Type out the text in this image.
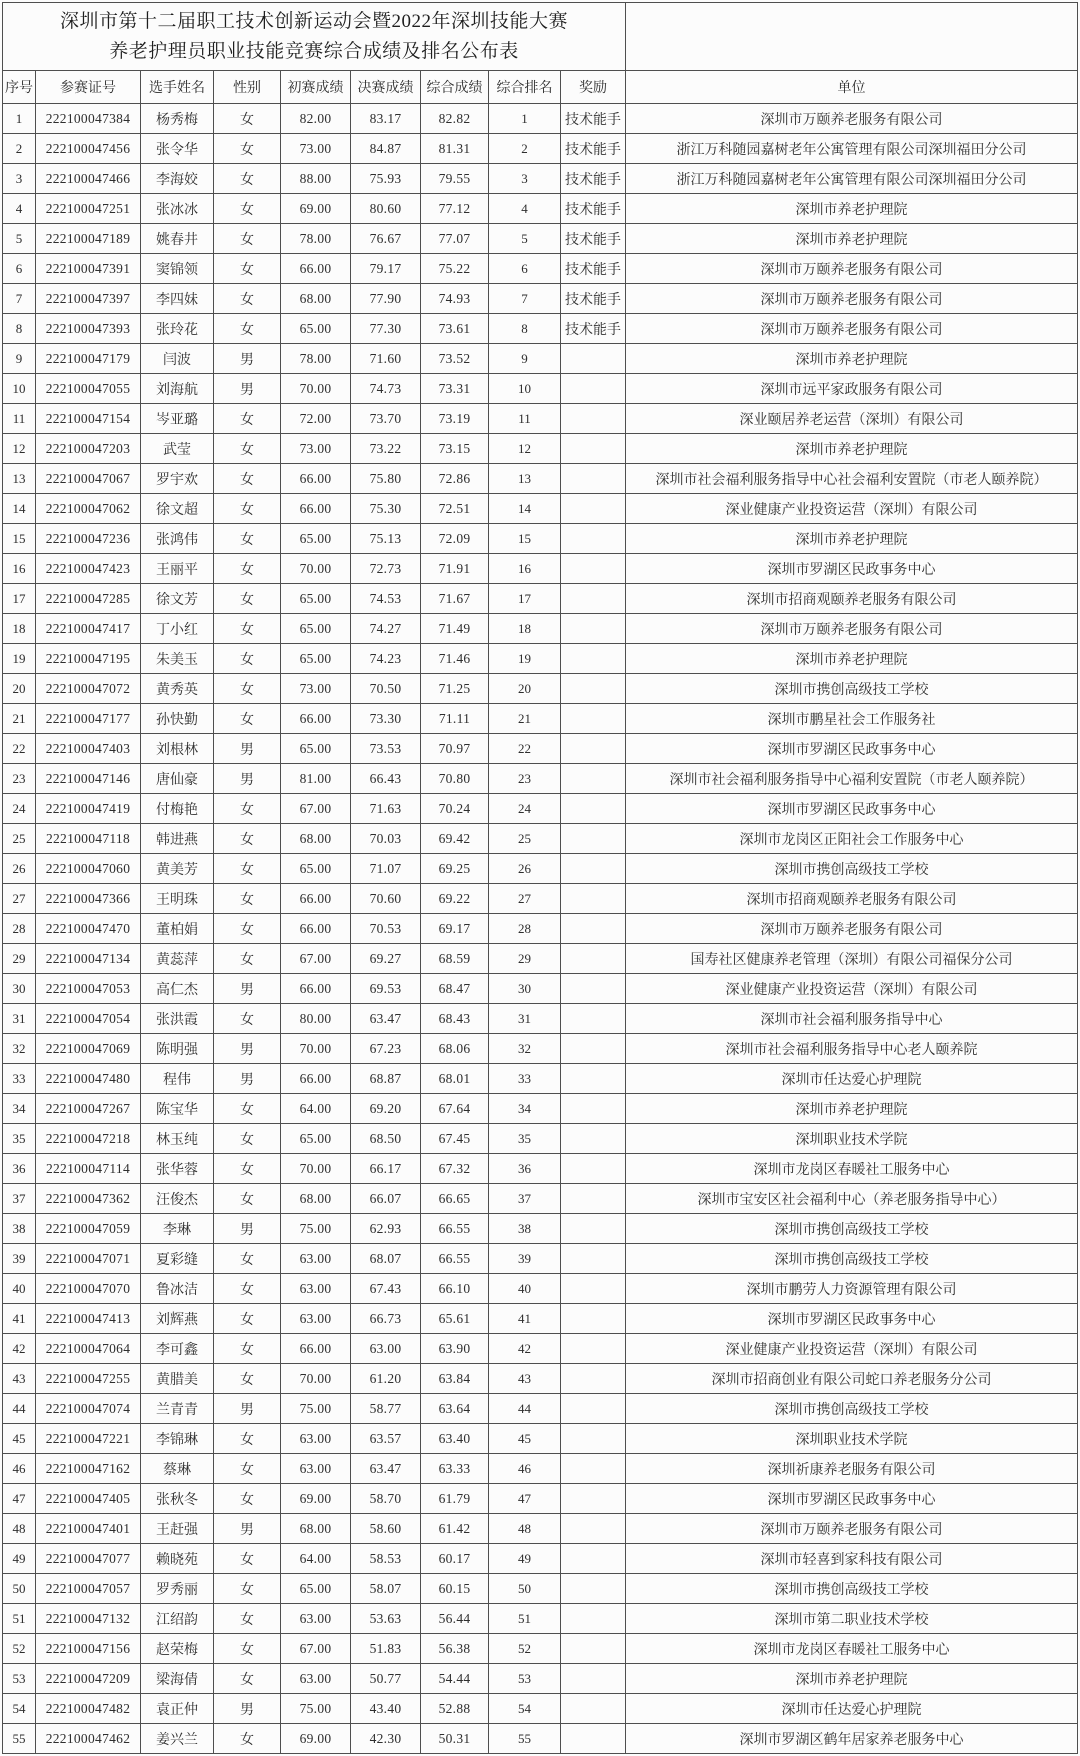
深圳市第十二届职工技术创新运动会暨2022年深圳技能大赛
养老护理员职业技能竞赛综合成绩及排名公布表									

序号	参赛证号	选手姓名	性别	初赛成绩	决赛成绩	综合成绩	综合排名	奖励	单位
1	222100047384	杨秀梅	女	82.00	83.17	82.82	1	技术能手	深圳市万颐养老服务有限公司
2	222100047456	张令华	女	73.00	84.87	81.31	2	技术能手	浙江万科随园嘉树老年公寓管理有限公司深圳福田分公司
3	222100047466	李海姣	女	88.00	75.93	79.55	3	技术能手	浙江万科随园嘉树老年公寓管理有限公司深圳福田分公司
4	222100047251	张冰冰	女	69.00	80.60	77.12	4	技术能手	深圳市养老护理院
5	222100047189	姚春井	女	78.00	76.67	77.07	5	技术能手	深圳市养老护理院
6	222100047391	窦锦领	女	66.00	79.17	75.22	6	技术能手	深圳市万颐养老服务有限公司
7	222100047397	李四妹	女	68.00	77.90	74.93	7	技术能手	深圳市万颐养老服务有限公司
8	222100047393	张玲花	女	65.00	77.30	73.61	8	技术能手	深圳市万颐养老服务有限公司
9	222100047179	闫波	男	78.00	71.60	73.52	9		深圳市养老护理院
10	222100047055	刘海航	男	70.00	74.73	73.31	10		深圳市远平家政服务有限公司
11	222100047154	岑亚璐	女	72.00	73.70	73.19	11		深业颐居养老运营（深圳）有限公司
12	222100047203	武莹	女	73.00	73.22	73.15	12		深圳市养老护理院
13	222100047067	罗宇欢	女	66.00	75.80	72.86	13		深圳市社会福利服务指导中心社会福利安置院（市老人颐养院）
14	222100047062	徐文超	女	66.00	75.30	72.51	14		深业健康产业投资运营（深圳）有限公司
15	222100047236	张鸿伟	女	65.00	75.13	72.09	15		深圳市养老护理院
16	222100047423	王丽平	女	70.00	72.73	71.91	16		深圳市罗湖区民政事务中心
17	222100047285	徐文芳	女	65.00	74.53	71.67	17		深圳市招商观颐养老服务有限公司
18	222100047417	丁小红	女	65.00	74.27	71.49	18		深圳市万颐养老服务有限公司
19	222100047195	朱美玉	女	65.00	74.23	71.46	19		深圳市养老护理院
20	222100047072	黄秀英	女	73.00	70.50	71.25	20		深圳市携创高级技工学校
21	222100047177	孙快勤	女	66.00	73.30	71.11	21		深圳市鹏星社会工作服务社
22	222100047403	刘根林	男	65.00	73.53	70.97	22		深圳市罗湖区民政事务中心
23	222100047146	唐仙豪	男	81.00	66.43	70.80	23		深圳市社会福利服务指导中心福利安置院（市老人颐养院）
24	222100047419	付梅艳	女	67.00	71.63	70.24	24		深圳市罗湖区民政事务中心
25	222100047118	韩进燕	女	68.00	70.03	69.42	25		深圳市龙岗区正阳社会工作服务中心
26	222100047060	黄美芳	女	65.00	71.07	69.25	26		深圳市携创高级技工学校
27	222100047366	王明珠	女	66.00	70.60	69.22	27		深圳市招商观颐养老服务有限公司
28	222100047470	董柏娟	女	66.00	70.53	69.17	28		深圳市万颐养老服务有限公司
29	222100047134	黄蕊萍	女	67.00	69.27	68.59	29		国寿社区健康养老管理（深圳）有限公司福保分公司
30	222100047053	高仁杰	男	66.00	69.53	68.47	30		深业健康产业投资运营（深圳）有限公司
31	222100047054	张洪霞	女	80.00	63.47	68.43	31		深圳市社会福利服务指导中心
32	222100047069	陈明强	男	70.00	67.23	68.06	32		深圳市社会福利服务指导中心老人颐养院
33	222100047480	程伟	男	66.00	68.87	68.01	33		深圳市任达爱心护理院
34	222100047267	陈宝华	女	64.00	69.20	67.64	34		深圳市养老护理院
35	222100047218	林玉纯	女	65.00	68.50	67.45	35		深圳职业技术学院
36	222100047114	张华蓉	女	70.00	66.17	67.32	36		深圳市龙岗区春暖社工服务中心
37	222100047362	汪俊杰	女	68.00	66.07	66.65	37		深圳市宝安区社会福利中心（养老服务指导中心）
38	222100047059	李琳	男	75.00	62.93	66.55	38		深圳市携创高级技工学校
39	222100047071	夏彩缝	女	63.00	68.07	66.55	39		深圳市携创高级技工学校
40	222100047070	鲁冰洁	女	63.00	67.43	66.10	40		深圳市鹏劳人力资源管理有限公司
41	222100047413	刘辉燕	女	63.00	66.73	65.61	41		深圳市罗湖区民政事务中心
42	222100047064	李可鑫	女	66.00	63.00	63.90	42		深业健康产业投资运营（深圳）有限公司
43	222100047255	黄腊美	女	70.00	61.20	63.84	43		深圳市招商创业有限公司蛇口养老服务分公司
44	222100047074	兰青青	男	75.00	58.77	63.64	44		深圳市携创高级技工学校
45	222100047221	李锦琳	女	63.00	63.57	63.40	45		深圳职业技术学院
46	222100047162	蔡琳	女	63.00	63.47	63.33	46		深圳祈康养老服务有限公司
47	222100047405	张秋冬	女	69.00	58.70	61.79	47		深圳市罗湖区民政事务中心
48	222100047401	王赶强	男	68.00	58.60	61.42	48		深圳市万颐养老服务有限公司
49	222100047077	赖晓苑	女	64.00	58.53	60.17	49		深圳市轻喜到家科技有限公司
50	222100047057	罗秀丽	女	65.00	58.07	60.15	50		深圳市携创高级技工学校
51	222100047132	江绍韵	女	63.00	53.63	56.44	51		深圳市第二职业技术学校
52	222100047156	赵荣梅	女	67.00	51.83	56.38	52		深圳市龙岗区春暖社工服务中心
53	222100047209	梁海倩	女	63.00	50.77	54.44	53		深圳市养老护理院
54	222100047482	袁正仲	男	75.00	43.40	52.88	54		深圳市任达爱心护理院
55	222100047462	姜兴兰	女	69.00	42.30	50.31	55		深圳市罗湖区鹤年居家养老服务中心
